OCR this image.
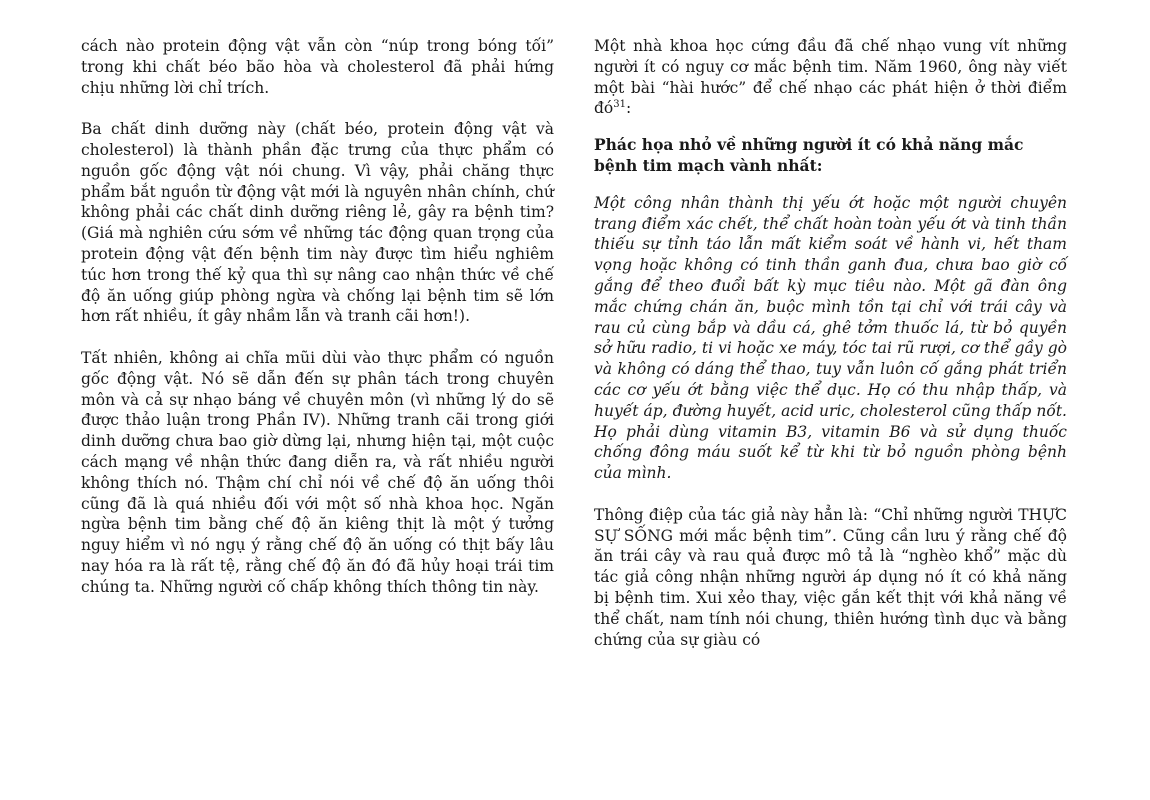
cách nào protein động vật vẫn còn “núp trong bóng tối” trong khi chất béo bão hòa và cholesterol đã phải hứng chịu những lời chỉ trích.

Ba chất dinh dưỡng này (chất béo, protein động vật và cholesterol) là thành phần đặc trưng của thực phẩm có nguồn gốc động vật nói chung. Vì vậy, phải chăng thực phẩm bắt nguồn từ động vật mới là nguyên nhân chính, chứ không phải các chất dinh dưỡng riêng lẻ, gây ra bệnh tim? (Giá mà nghiên cứu sớm về những tác động quan trọng của protein động vật đến bệnh tim này được tìm hiểu nghiêm túc hơn trong thế kỷ qua thì sự nâng cao nhận thức về chế độ ăn uống giúp phòng ngừa và chống lại bệnh tim sẽ lớn hơn rất nhiều, ít gây nhầm lẫn và tranh cãi hơn!).

Tất nhiên, không ai chĩa mũi dùi vào thực phẩm có nguồn gốc động vật. Nó sẽ dẫn đến sự phân tách trong chuyên môn và cả sự nhạo báng về chuyên môn (vì những lý do sẽ được thảo luận trong Phần IV). Những tranh cãi trong giới dinh dưỡng chưa bao giờ dừng lại, nhưng hiện tại, một cuộc cách mạng về nhận thức đang diễn ra, và rất nhiều người không thích nó. Thậm chí chỉ nói về chế độ ăn uống thôi cũng đã là quá nhiều đối với một số nhà khoa học. Ngăn ngừa bệnh tim bằng chế độ ăn kiêng thịt là một ý tưởng nguy hiểm vì nó ngụ ý rằng chế độ ăn uống có thịt bấy lâu nay hóa ra là rất tệ, rằng chế độ ăn đó đã hủy hoại trái tim chúng ta. Những người cố chấp không thích thông tin này.

Một nhà khoa học cứng đầu đã chế nhạo vung vít những người ít có nguy cơ mắc bệnh tim. Năm 1960, ông này viết một bài “hài hước” để chế nhạo các phát hiện ở thời điểm $đó^{31}$:

Phác họa nhỏ về những người ít có khả năng mắc bệnh tim mạch vành nhất:

Một công nhân thành thị yếu ớt hoặc một người chuyên trang điểm xác chết, thể chất hoàn toàn yếu ớt và tinh thần thiếu sự tỉnh táo lẫn mất kiểm soát về hành vi, hết tham vọng hoặc không có tinh thần ganh đua, chưa bao giờ cố gắng để theo đuổi bất kỳ mục tiêu nào. Một gã đàn ông mắc chứng chán ăn, buộc mình tồn tại chỉ với trái cây và rau củ cùng bắp và dầu cá, ghê tởm thuốc lá, từ bỏ quyền sở hữu radio, ti vi hoặc xe máy, tóc tai rũ rượi, cơ thể gầy gò và không có dáng thể thao, tuy vẫn luôn cố gắng phát triển các cơ yếu ớt bằng việc thể dục. Họ có thu nhập thấp, và huyết áp, đường huyết, acid uric, cholesterol cũng thấp nốt. Họ phải dùng vitamin B3, vitamin B6 và sử dụng thuốc chống đông máu suốt kể từ khi từ bỏ nguồn phòng bệnh của mình.

Thông điệp của tác giả này hẳn là: “Chỉ những người THỰC SỰ SỐNG mới mắc bệnh tim”. Cũng cần lưu ý rằng chế độ ăn trái cây và rau quả được mô tả là “nghèo khổ” mặc dù tác giả công nhận những người áp dụng nó ít có khả năng bị bệnh tim. Xui xẻo thay, việc gắn kết thịt với khả năng về thể chất, nam tính nói chung, thiên hướng tình dục và bằng chứng của sự giàu có
